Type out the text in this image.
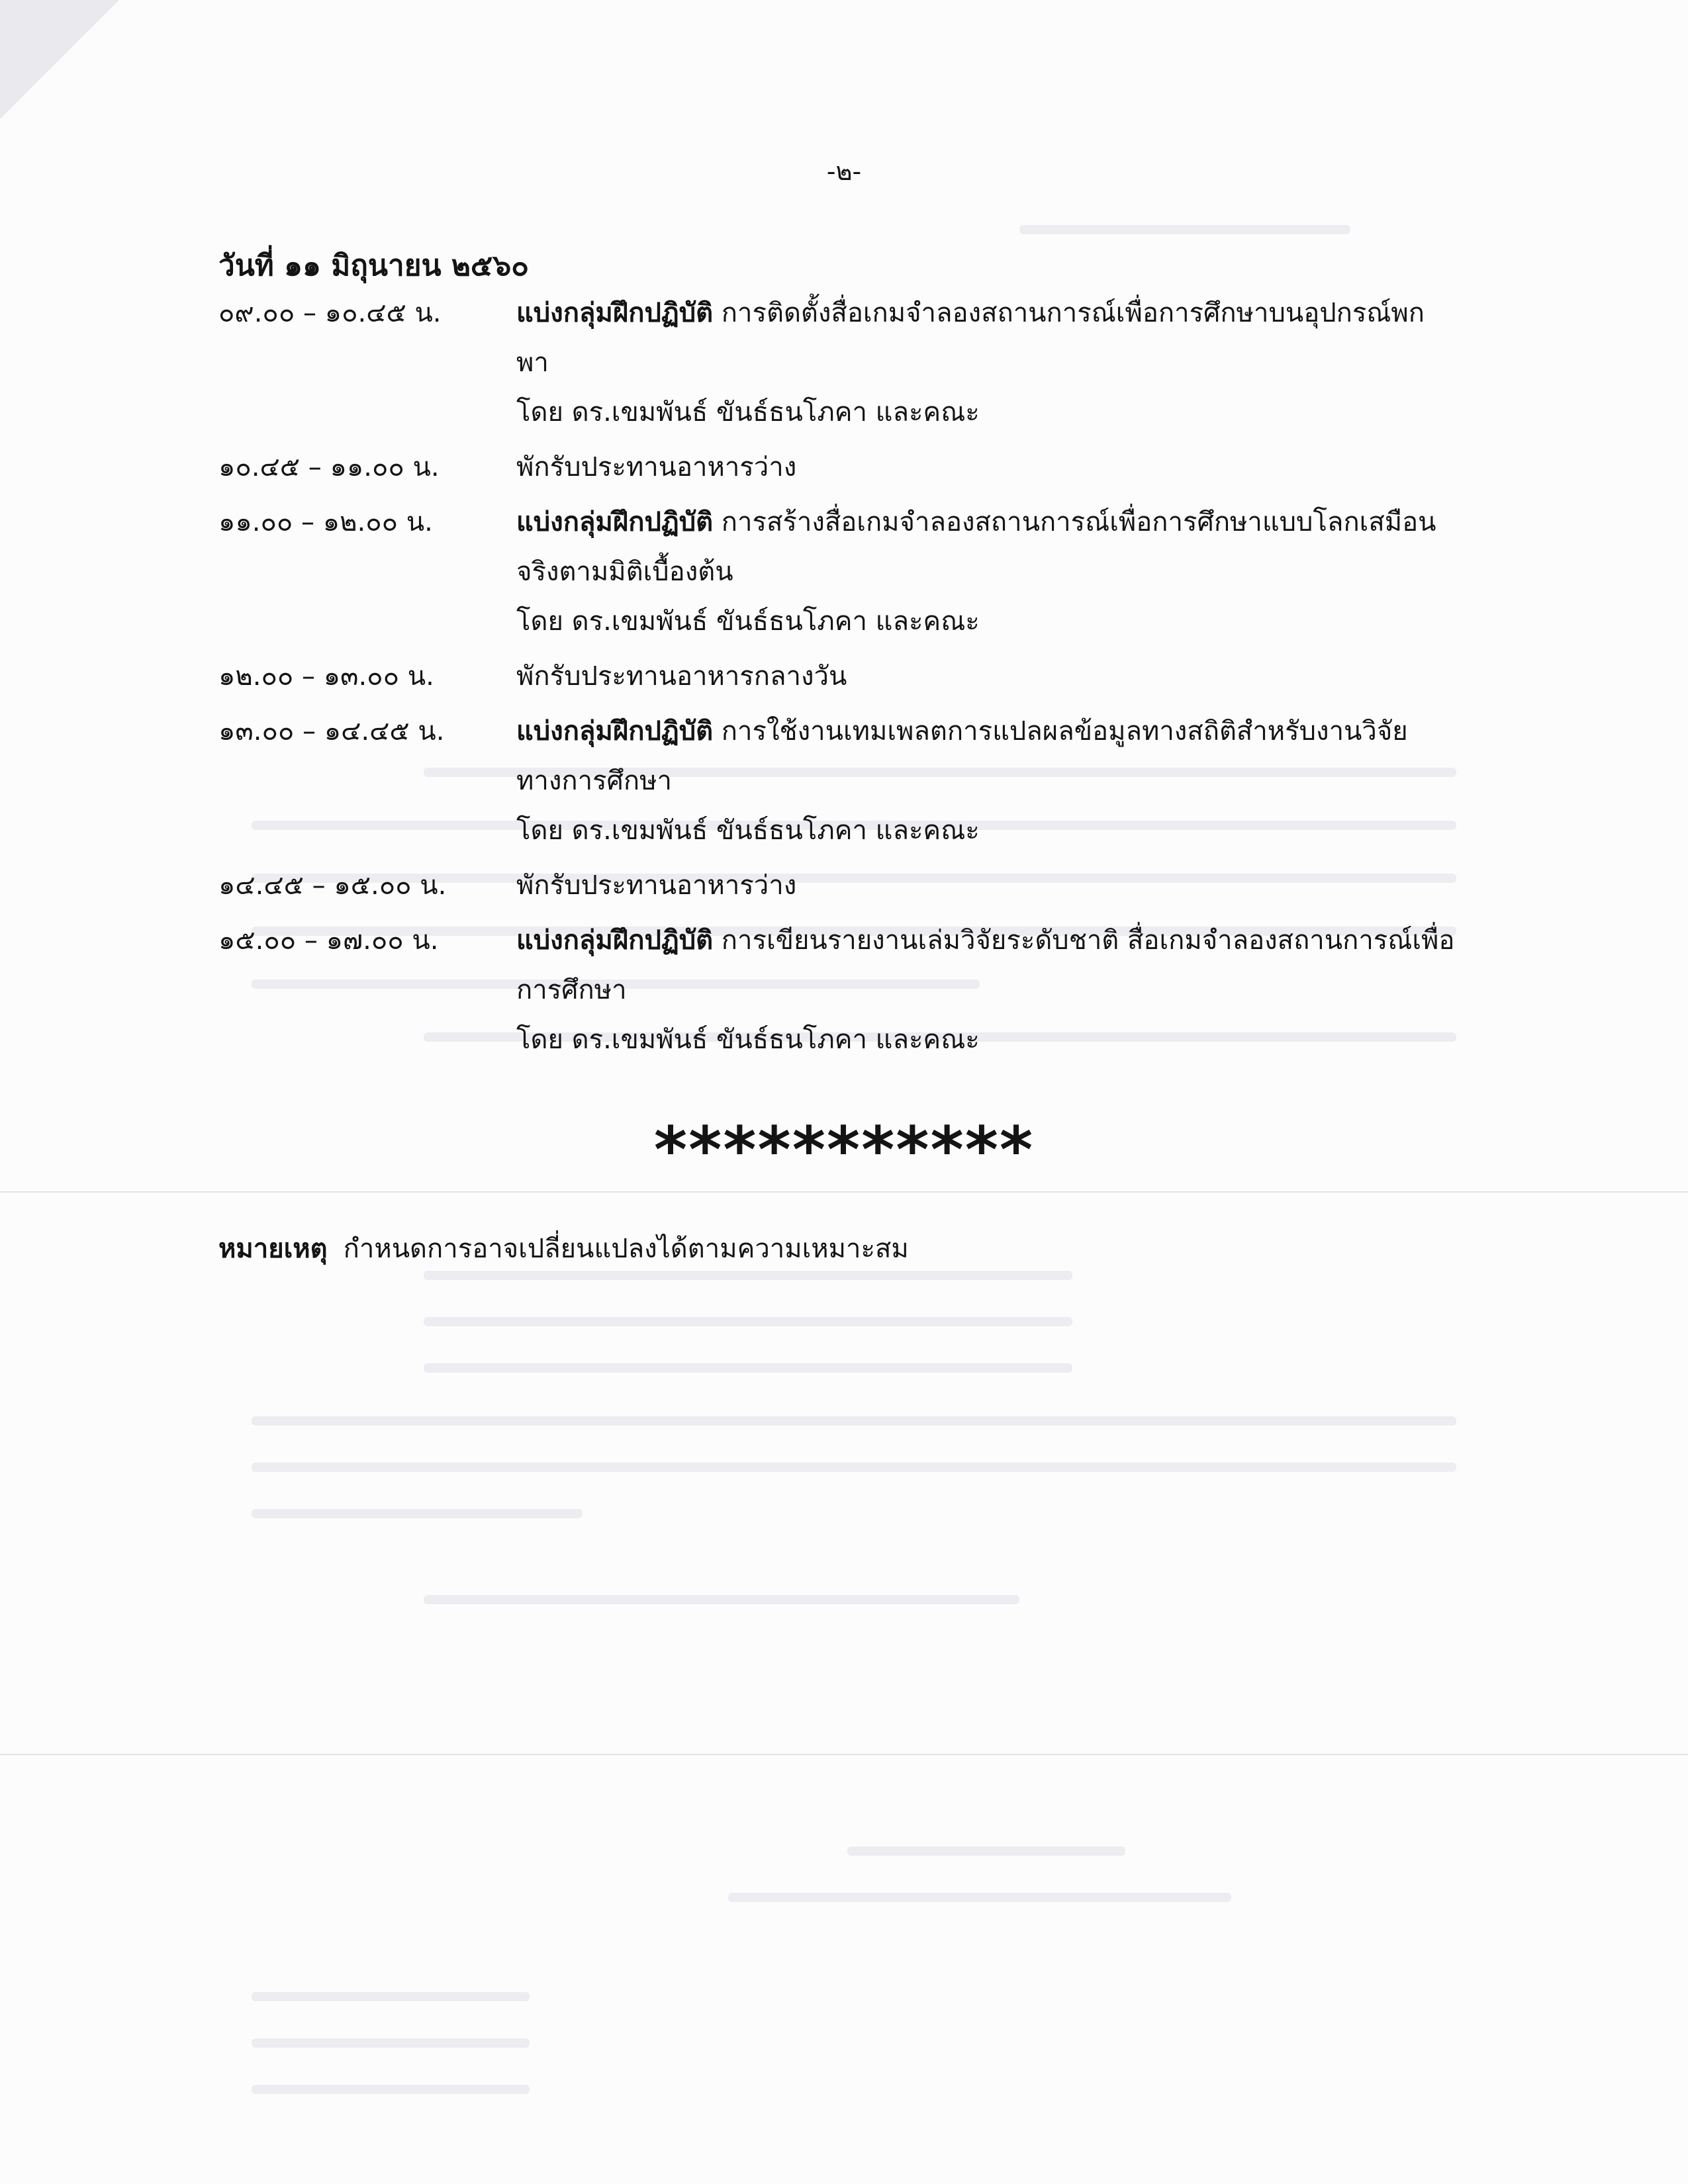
-๒-
วันที่ ๑๑ มิถุนายน ๒๕๖๐
๐๙.๐๐ – ๑๐.๔๕ น.	แบ่งกลุ่มฝึกปฏิบัติ การติดตั้งสื่อเกมจำลองสถานการณ์เพื่อการศึกษาบนอุปกรณ์พกพา
โดย ดร.เขมพันธ์ ขันธ์ธนโภคา และคณะ
๑๐.๔๕ – ๑๑.๐๐ น.	พักรับประทานอาหารว่าง
๑๑.๐๐ – ๑๒.๐๐ น.	แบ่งกลุ่มฝึกปฏิบัติ การสร้างสื่อเกมจำลองสถานการณ์เพื่อการศึกษาแบบโลกเสมือนจริงตามมิติเบื้องต้น
โดย ดร.เขมพันธ์ ขันธ์ธนโภคา และคณะ
๑๒.๐๐ – ๑๓.๐๐ น.	พักรับประทานอาหารกลางวัน
๑๓.๐๐ – ๑๔.๔๕ น.	แบ่งกลุ่มฝึกปฏิบัติ การใช้งานเทมเพลตการแปลผลข้อมูลทางสถิติสำหรับงานวิจัยทางการศึกษา
โดย ดร.เขมพันธ์ ขันธ์ธนโภคา และคณะ
๑๔.๔๕ – ๑๕.๐๐ น.	พักรับประทานอาหารว่าง
๑๕.๐๐ – ๑๗.๐๐ น.	แบ่งกลุ่มฝึกปฏิบัติ การเขียนรายงานเล่มวิจัยระดับชาติ สื่อเกมจำลองสถานการณ์เพื่อการศึกษา
โดย ดร.เขมพันธ์ ขันธ์ธนโภคา และคณะ
***********
หมายเหตุ กำหนดการอาจเปลี่ยนแปลงได้ตามความเหมาะสม
